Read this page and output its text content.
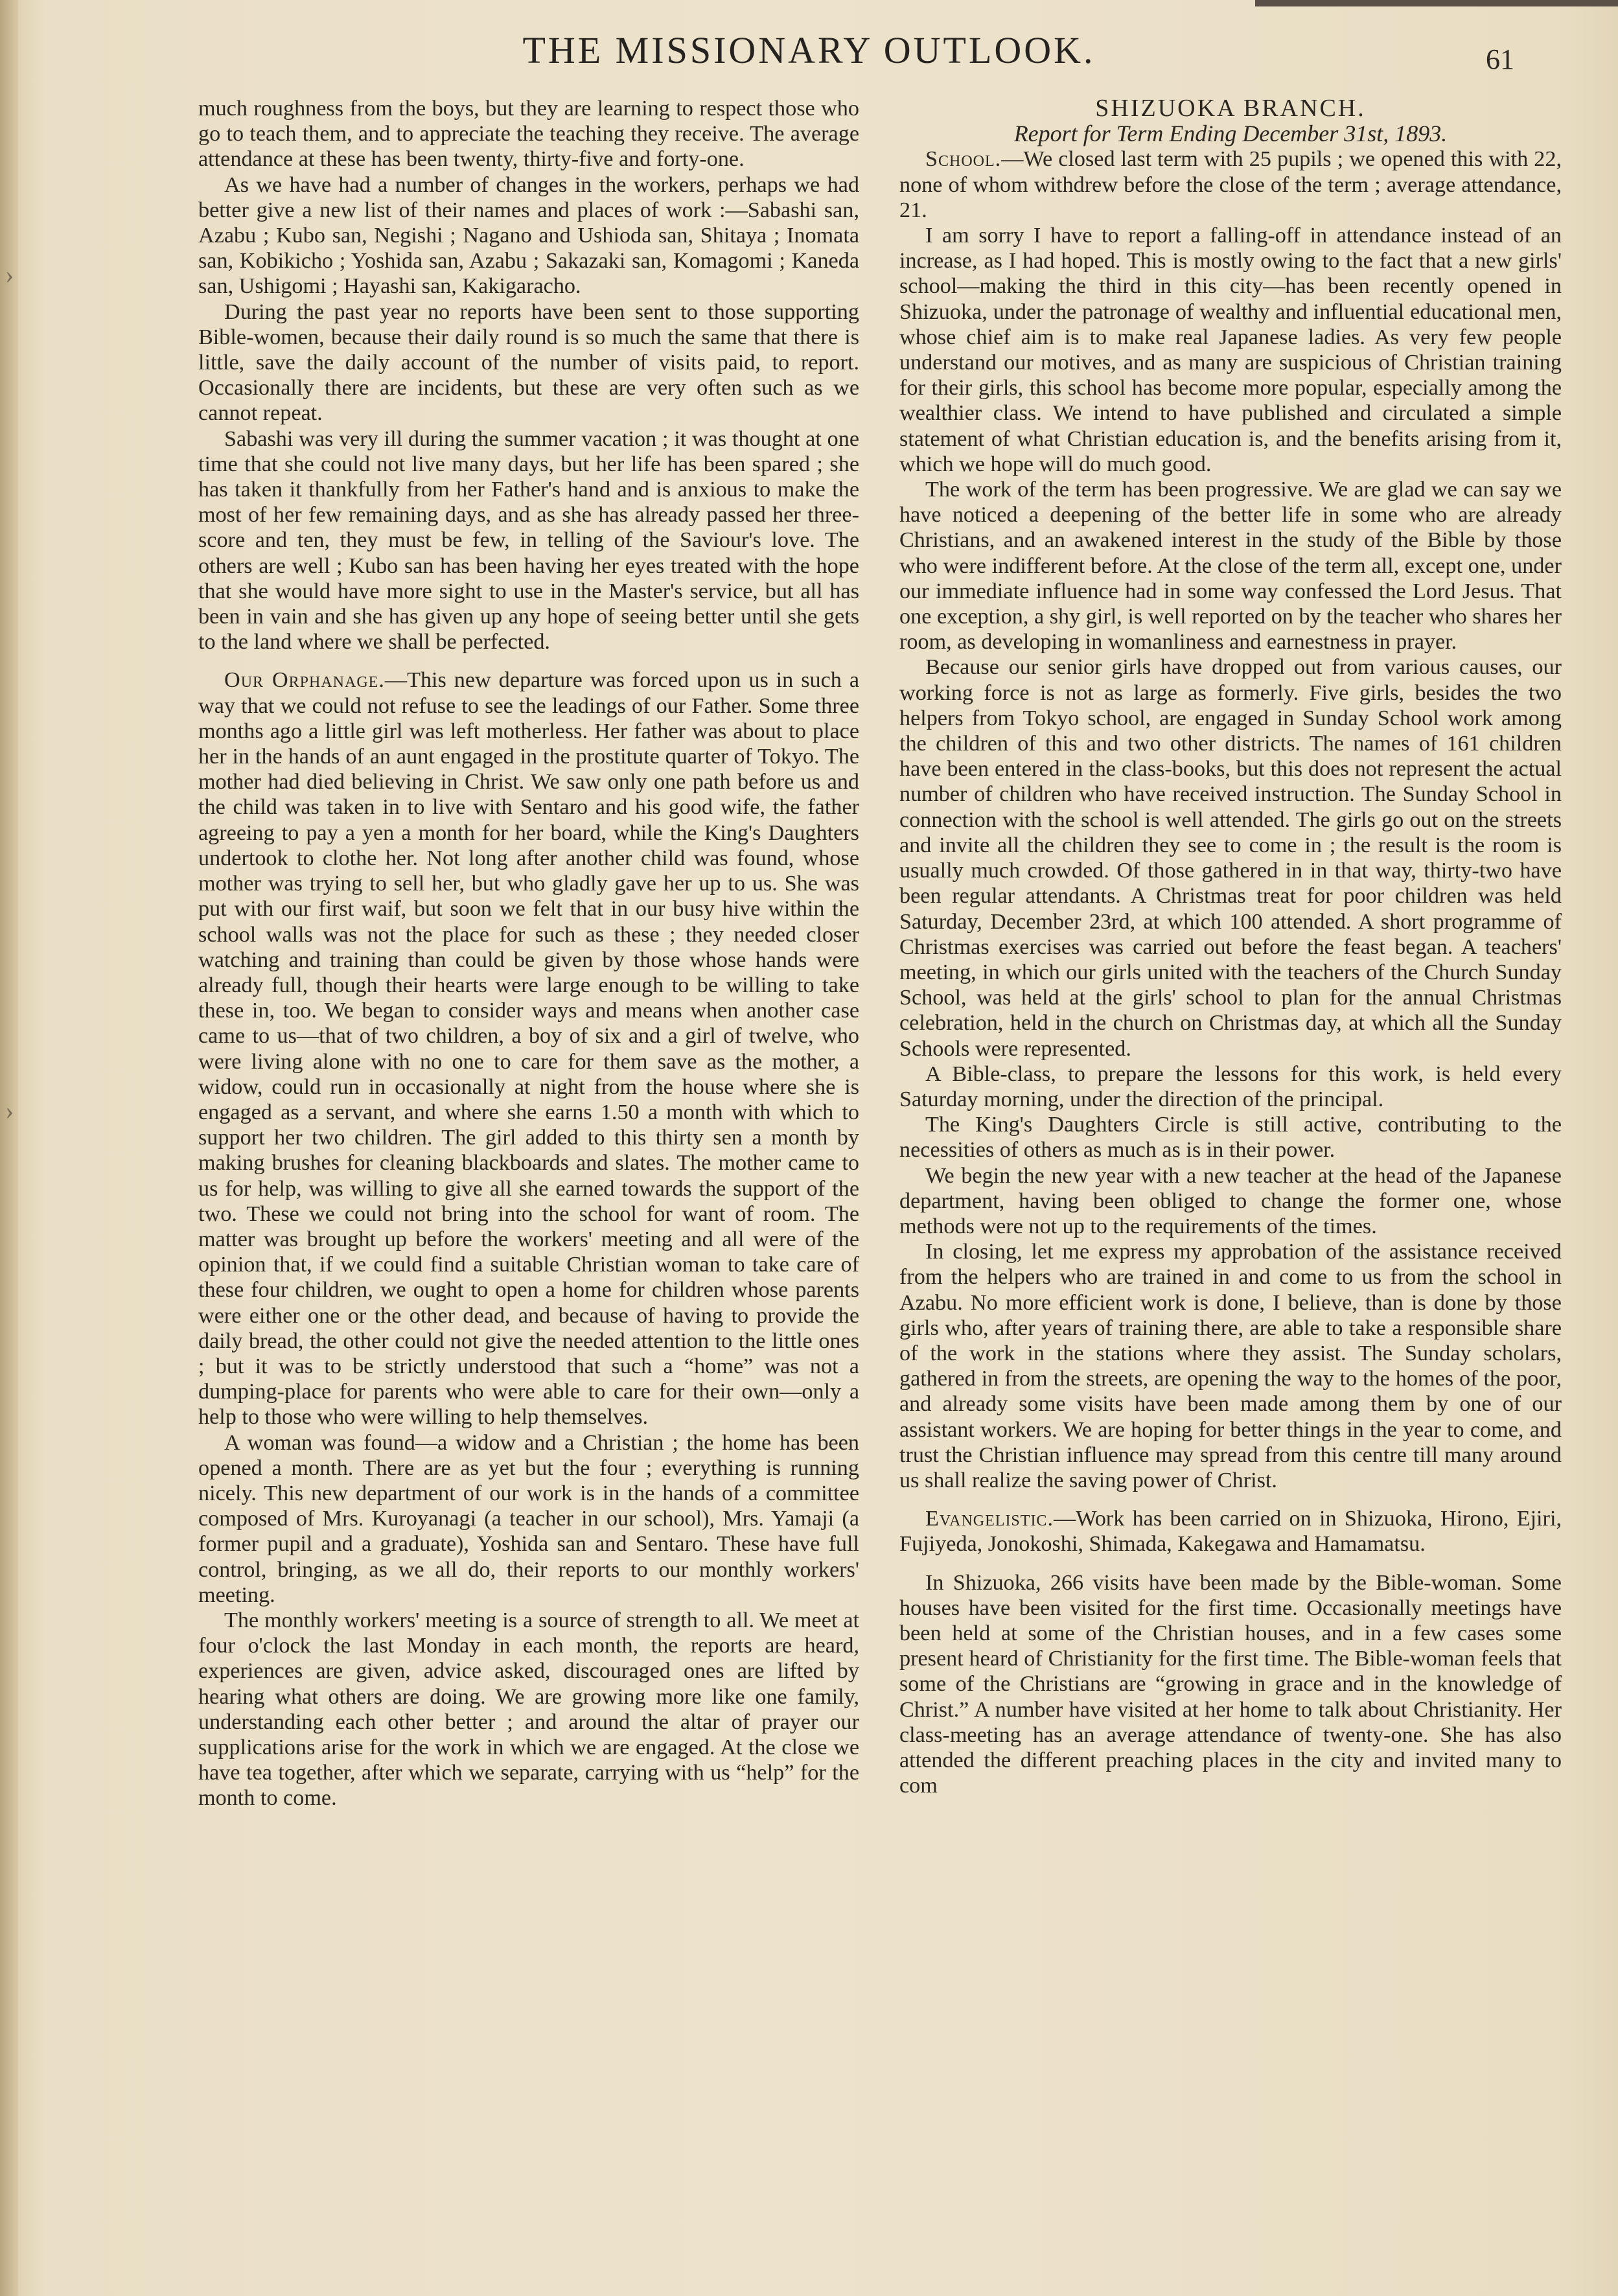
›
›
THE MISSIONARY OUTLOOK.	61

much roughness from the boys, but they are learning to respect those who go to teach them, and to appreciate the teaching they receive. The average attendance at these has been twenty, thirty-five and forty-one.

As we have had a number of changes in the workers, perhaps we had better give a new list of their names and places of work :—Sabashi san, Azabu ; Kubo san, Negishi ; Nagano and Ushioda san, Shitaya ; Inomata san, Kobikicho ; Yoshida san, Azabu ; Sakazaki san, Komagomi ; Kaneda san, Ushigomi ; Hayashi san, Kakigaracho.

During the past year no reports have been sent to those supporting Bible-women, because their daily round is so much the same that there is little, save the daily account of the number of visits paid, to report. Occasionally there are incidents, but these are very often such as we cannot repeat.

Sabashi was very ill during the summer vacation ; it was thought at one time that she could not live many days, but her life has been spared ; she has taken it thankfully from her Father's hand and is anxious to make the most of her few remaining days, and as she has already passed her three-score and ten, they must be few, in telling of the Saviour's love. The others are well ; Kubo san has been having her eyes treated with the hope that she would have more sight to use in the Master's service, but all has been in vain and she has given up any hope of seeing better until she gets to the land where we shall be perfected.

Our Orphanage.—This new departure was forced upon us in such a way that we could not refuse to see the leadings of our Father. Some three months ago a little girl was left motherless. Her father was about to place her in the hands of an aunt engaged in the prostitute quarter of Tokyo. The mother had died believing in Christ. We saw only one path before us and the child was taken in to live with Sentaro and his good wife, the father agreeing to pay a yen a month for her board, while the King's Daughters undertook to clothe her. Not long after another child was found, whose mother was trying to sell her, but who gladly gave her up to us. She was put with our first waif, but soon we felt that in our busy hive within the school walls was not the place for such as these ; they needed closer watching and training than could be given by those whose hands were already full, though their hearts were large enough to be willing to take these in, too. We began to consider ways and means when another case came to us—that of two children, a boy of six and a girl of twelve, who were living alone with no one to care for them save as the mother, a widow, could run in occasionally at night from the house where she is engaged as a servant, and where she earns 1.50 a month with which to support her two children. The girl added to this thirty sen a month by making brushes for cleaning blackboards and slates. The mother came to us for help, was willing to give all she earned towards the support of the two. These we could not bring into the school for want of room. The matter was brought up before the workers' meeting and all were of the opinion that, if we could find a suitable Christian woman to take care of these four children, we ought to open a home for children whose parents were either one or the other dead, and because of having to provide the daily bread, the other could not give the needed attention to the little ones ; but it was to be strictly understood that such a “home” was not a dumping-place for parents who were able to care for their own—only a help to those who were willing to help themselves.

A woman was found—a widow and a Christian ; the home has been opened a month. There are as yet but the four ; everything is running nicely. This new department of our work is in the hands of a committee composed of Mrs. Kuroyanagi (a teacher in our school), Mrs. Yamaji (a former pupil and a graduate), Yoshida san and Sentaro. These have full control, bringing, as we all do, their reports to our monthly workers' meeting.

The monthly workers' meeting is a source of strength to all. We meet at four o'clock the last Monday in each month, the reports are heard, experiences are given, advice asked, discouraged ones are lifted by hearing what others are doing. We are growing more like one family, understanding each other better ; and around the altar of prayer our supplications arise for the work in which we are engaged. At the close we have tea together, after which we separate, carrying with us “help” for the month to come.

SHIZUOKA BRANCH.

Report for Term Ending December 31st, 1893.

School.—We closed last term with 25 pupils ; we opened this with 22, none of whom withdrew before the close of the term ; average attendance, 21.

I am sorry I have to report a falling-off in attendance instead of an increase, as I had hoped. This is mostly owing to the fact that a new girls' school—making the third in this city—has been recently opened in Shizuoka, under the patronage of wealthy and influential educational men, whose chief aim is to make real Japanese ladies. As very few people understand our motives, and as many are suspicious of Christian training for their girls, this school has become more popular, especially among the wealthier class. We intend to have published and circulated a simple statement of what Christian education is, and the benefits arising from it, which we hope will do much good.

The work of the term has been progressive. We are glad we can say we have noticed a deepening of the better life in some who are already Christians, and an awakened interest in the study of the Bible by those who were indifferent before. At the close of the term all, except one, under our immediate influence had in some way confessed the Lord Jesus. That one exception, a shy girl, is well reported on by the teacher who shares her room, as developing in womanliness and earnestness in prayer.

Because our senior girls have dropped out from various causes, our working force is not as large as formerly. Five girls, besides the two helpers from Tokyo school, are engaged in Sunday School work among the children of this and two other districts. The names of 161 children have been entered in the class-books, but this does not represent the actual number of children who have received instruction. The Sunday School in connection with the school is well attended. The girls go out on the streets and invite all the children they see to come in ; the result is the room is usually much crowded. Of those gathered in in that way, thirty-two have been regular attendants. A Christmas treat for poor children was held Saturday, December 23rd, at which 100 attended. A short programme of Christmas exercises was carried out before the feast began. A teachers' meeting, in which our girls united with the teachers of the Church Sunday School, was held at the girls' school to plan for the annual Christmas celebration, held in the church on Christmas day, at which all the Sunday Schools were represented.

A Bible-class, to prepare the lessons for this work, is held every Saturday morning, under the direction of the principal.

The King's Daughters Circle is still active, contributing to the necessities of others as much as is in their power.

We begin the new year with a new teacher at the head of the Japanese department, having been obliged to change the former one, whose methods were not up to the requirements of the times.

In closing, let me express my approbation of the assistance received from the helpers who are trained in and come to us from the school in Azabu. No more efficient work is done, I believe, than is done by those girls who, after years of training there, are able to take a responsible share of the work in the stations where they assist. The Sunday scholars, gathered in from the streets, are opening the way to the homes of the poor, and already some visits have been made among them by one of our assistant workers. We are hoping for better things in the year to come, and trust the Christian influence may spread from this centre till many around us shall realize the saving power of Christ.

Evangelistic.—Work has been carried on in Shizuoka, Hirono, Ejiri, Fujiyeda, Jonokoshi, Shimada, Kakegawa and Hamamatsu.

In Shizuoka, 266 visits have been made by the Bible-woman. Some houses have been visited for the first time. Occasionally meetings have been held at some of the Christian houses, and in a few cases some present heard of Christianity for the first time. The Bible-woman feels that some of the Christians are “growing in grace and in the knowledge of Christ.” A number have visited at her home to talk about Christianity. Her class-meeting has an average attendance of twenty-one. She has also attended the different preaching places in the city and invited many to com
